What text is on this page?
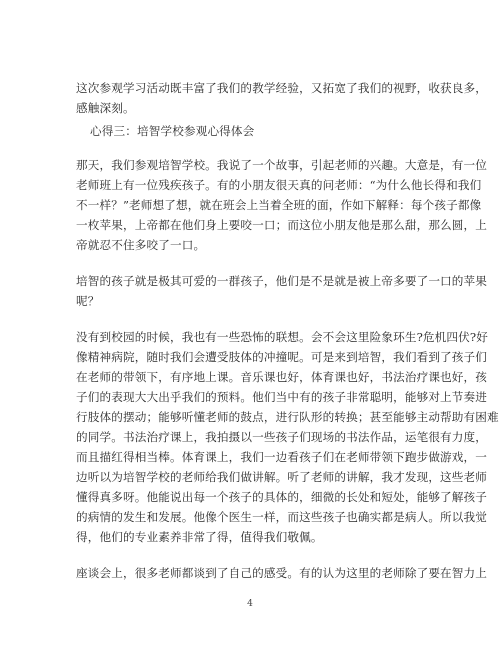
这次参观学习活动既丰富了我们的教学经验，又拓宽了我们的视野，收获良多，
感触深刻。
心得三：培智学校参观心得体会
那天，我们参观培智学校。我说了一个故事，引起老师的兴趣。大意是，有一位
老师班上有一位残疾孩子。有的小朋友很天真的问老师：“为什么他长得和我们
不一样？”老师想了想，就在班会上当着全班的面，作如下解释：每个孩子都像
一枚苹果，上帝都在他们身上要咬一口；而这位小朋友他是那么甜，那么圆，上
帝就忍不住多咬了一口。
培智的孩子就是极其可爱的一群孩子，他们是不是就是被上帝多要了一口的苹果
呢？
没有到校园的时候，我也有一些恐怖的联想。会不会这里险象环生?危机四伏?好
像精神病院，随时我们会遭受肢体的冲撞呢。可是来到培智，我们看到了孩子们
在老师的带领下，有序地上课。音乐课也好，体育课也好，书法治疗课也好，孩
子们的表现大大出乎我们的预料。他们当中有的孩子非常聪明，能够对上节奏进
行肢体的摆动；能够听懂老师的鼓点，进行队形的转换；甚至能够主动帮助有困难
的同学。书法治疗课上，我拍摄以一些孩子们现场的书法作品，运笔很有力度，
而且描红得相当棒。体育课上，我们一边看孩子们在老师带领下跑步做游戏，一
边听以为培智学校的老师给我们做讲解。听了老师的讲解，我才发现，这些老师
懂得真多呀。他能说出每一个孩子的具体的，细微的长处和短处，能够了解孩子
的病情的发生和发展。他像个医生一样，而这些孩子也确实都是病人。所以我觉
得，他们的专业素养非常了得，值得我们敬佩。
座谈会上，很多老师都谈到了自己的感受。有的认为这里的老师除了要在智力上
4
